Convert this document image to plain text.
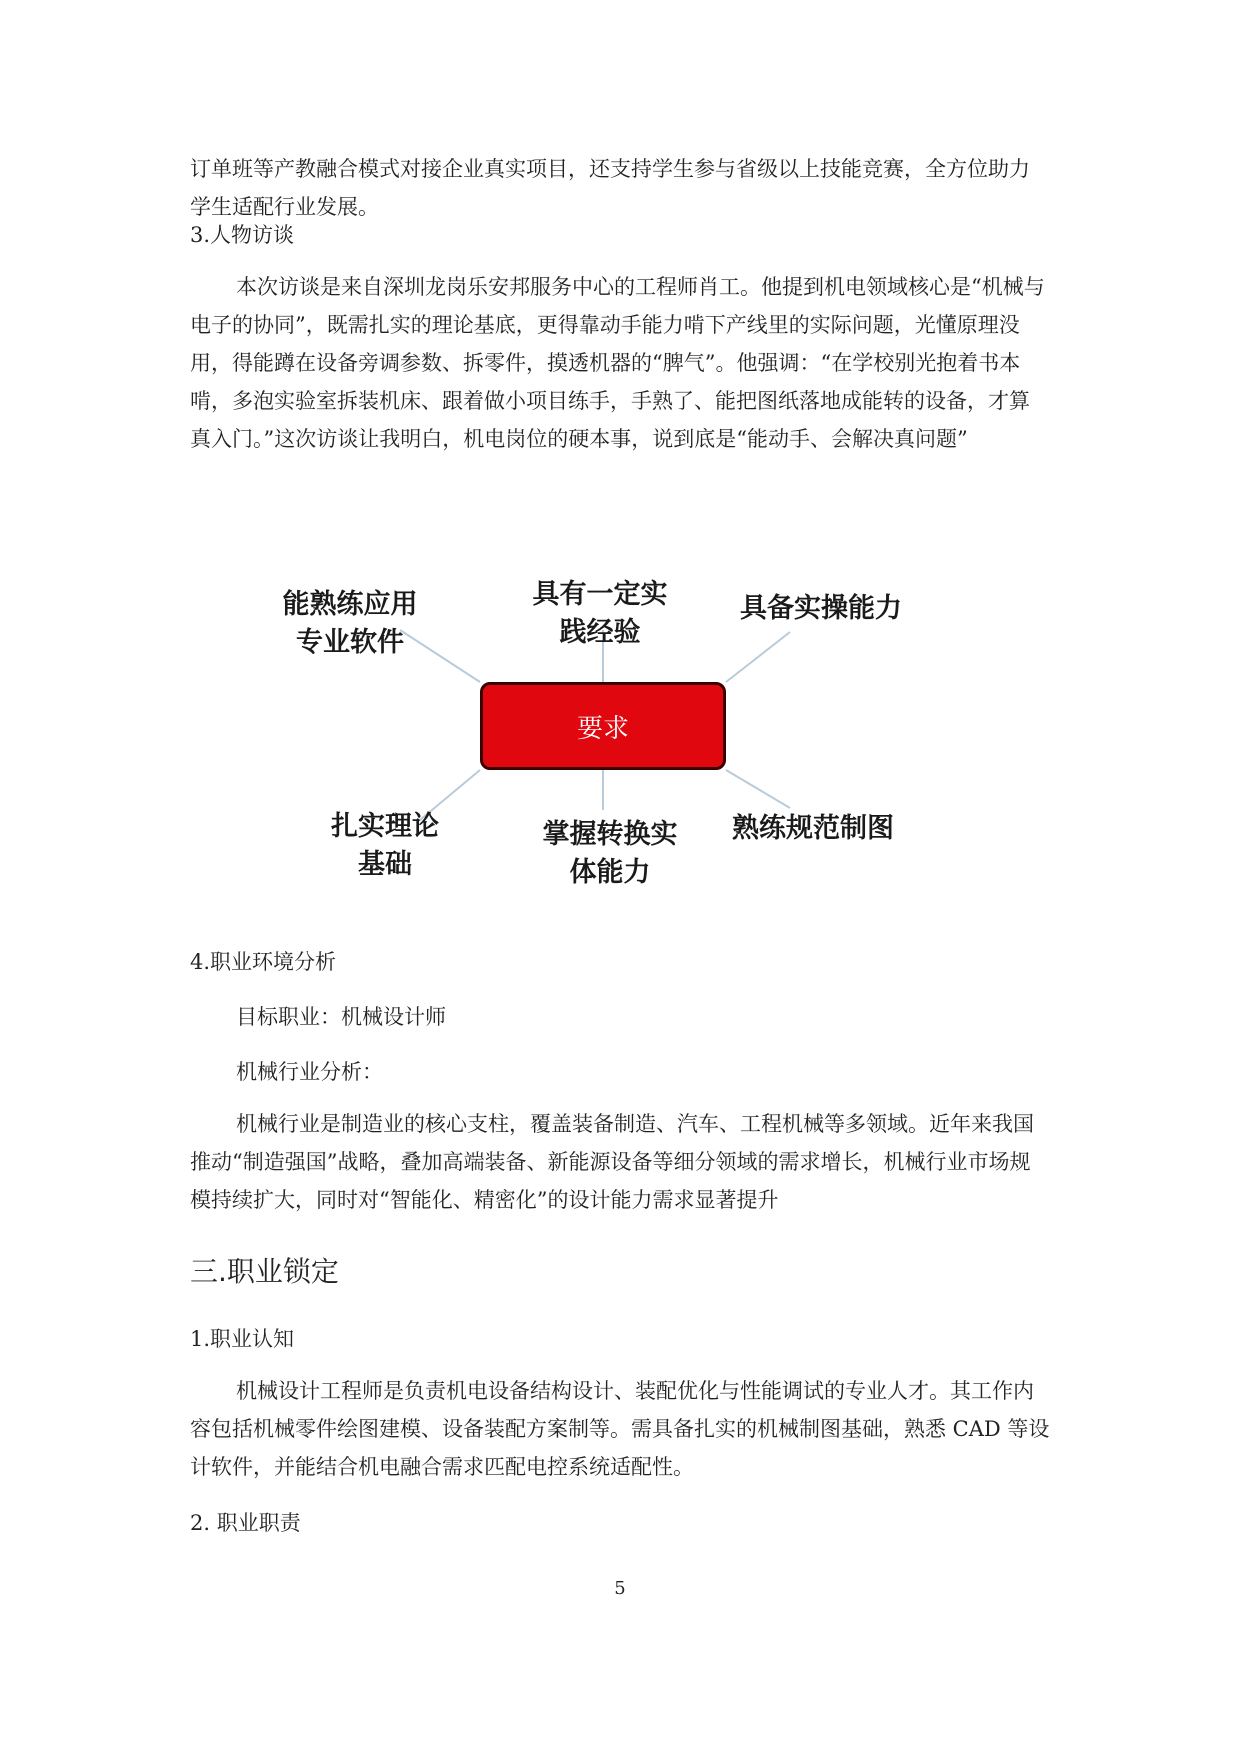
订单班等产教融合模式对接企业真实项目，还支持学生参与省级以上技能竞赛，全方位助力学生适配行业发展。

3.人物访谈

本次访谈是来自深圳龙岗乐安邦服务中心的工程师肖工。他提到机电领域核心是“机械与电子的协同”，既需扎实的理论基底，更得靠动手能力啃下产线里的实际问题，光懂原理没用，得能蹲在设备旁调参数、拆零件，摸透机器的“脾气”。他强调：“在学校别光抱着书本啃，多泡实验室拆装机床、跟着做小项目练手，手熟了、能把图纸落地成能转的设备，才算真入门。”这次访谈让我明白，机电岗位的硬本事，说到底是“能动手、会解决真问题”

要求
能熟练应用专业软件
具有一定实践经验
具备实操能力
扎实理论基础
掌握转换实体能力
熟练规范制图

4.职业环境分析

目标职业：机械设计师

机械行业分析：

机械行业是制造业的核心支柱，覆盖装备制造、汽车、工程机械等多领域。近年来我国推动“制造强国”战略，叠加高端装备、新能源设备等细分领域的需求增长，机械行业市场规模持续扩大，同时对“智能化、精密化”的设计能力需求显著提升

三.职业锁定

1.职业认知

机械设计工程师是负责机电设备结构设计、装配优化与性能调试的专业人才。其工作内容包括机械零件绘图建模、设备装配方案制等。需具备扎实的机械制图基础，熟悉 CAD 等设计软件，并能结合机电融合需求匹配电控系统适配性。

2. 职业职责

5
